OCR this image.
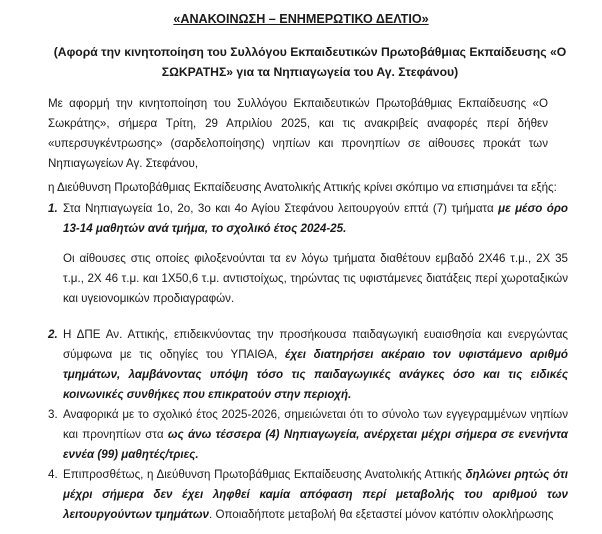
«ΑΝΑΚΟΙΝΩΣΗ – ΕΝΗΜΕΡΩΤΙΚΟ ΔΕΛΤΙΟ»
(Αφορά την κινητοποίηση του Συλλόγου Εκπαιδευτικών Πρωτοβάθμιας Εκπαίδευσης «Ο ΣΩΚΡΑΤΗΣ» για τα Νηπιαγωγεία του Αγ. Στεφάνου)
Με αφορμή την κινητοποίηση του Συλλόγου Εκπαιδευτικών Πρωτοβάθμιας Εκπαίδευσης «Ο Σωκράτης», σήμερα Τρίτη, 29 Απριλίου 2025, και τις ανακριβείς αναφορές περί δήθεν «υπερσυγκέντρωσης» (σαρδελοποίησης) νηπίων και προνηπίων σε αίθουσες προκάτ των Νηπιαγωγείων Αγ. Στεφάνου,
η Διεύθυνση Πρωτοβάθμιας Εκπαίδευσης Ανατολικής Αττικής κρίνει σκόπιμο να επισημάνει τα εξής:
1. Στα Νηπιαγωγεία 1ο, 2ο, 3ο και 4ο Αγίου Στεφάνου λειτουργούν επτά (7) τμήματα με μέσο όρο 13-14 μαθητών ανά τμήμα, το σχολικό έτος 2024-25.

Οι αίθουσες στις οποίες φιλοξενούνται τα εν λόγω τμήματα διαθέτουν εμβαδό 2Χ46 τ.μ., 2Χ 35 τ.μ., 2Χ 46 τ.μ. και 1Χ50,6 τ.μ. αντιστοίχως, τηρώντας τις υφιστάμενες διατάξεις περί χωροταξικών και υγειονομικών προδιαγραφών.

2. Η ΔΠΕ Αν. Αττικής, επιδεικνύοντας την προσήκουσα παιδαγωγική ευαισθησία και ενεργώντας σύμφωνα με τις οδηγίες του ΥΠΑΙΘΑ, έχει διατηρήσει ακέραιο τον υφιστάμενο αριθμό τμημάτων, λαμβάνοντας υπόψη τόσο τις παιδαγωγικές ανάγκες όσο και τις ειδικές κοινωνικές συνθήκες που επικρατούν στην περιοχή.

3. Αναφορικά με το σχολικό έτος 2025-2026, σημειώνεται ότι το σύνολο των εγγεγραμμένων νηπίων και προνηπίων στα ως άνω τέσσερα (4) Νηπιαγωγεία, ανέρχεται μέχρι σήμερα σε ενενήντα εννέα (99) μαθητές/τριες.

4. Επιπροσθέτως, η Διεύθυνση Πρωτοβάθμιας Εκπαίδευσης Ανατολικής Αττικής δηλώνει ρητώς ότι μέχρι σήμερα δεν έχει ληφθεί καμία απόφαση περί μεταβολής του αριθμού των λειτουργούντων τμημάτων. Οποιαδήποτε μεταβολή θα εξεταστεί μόνον κατόπιν ολοκλήρωσης
